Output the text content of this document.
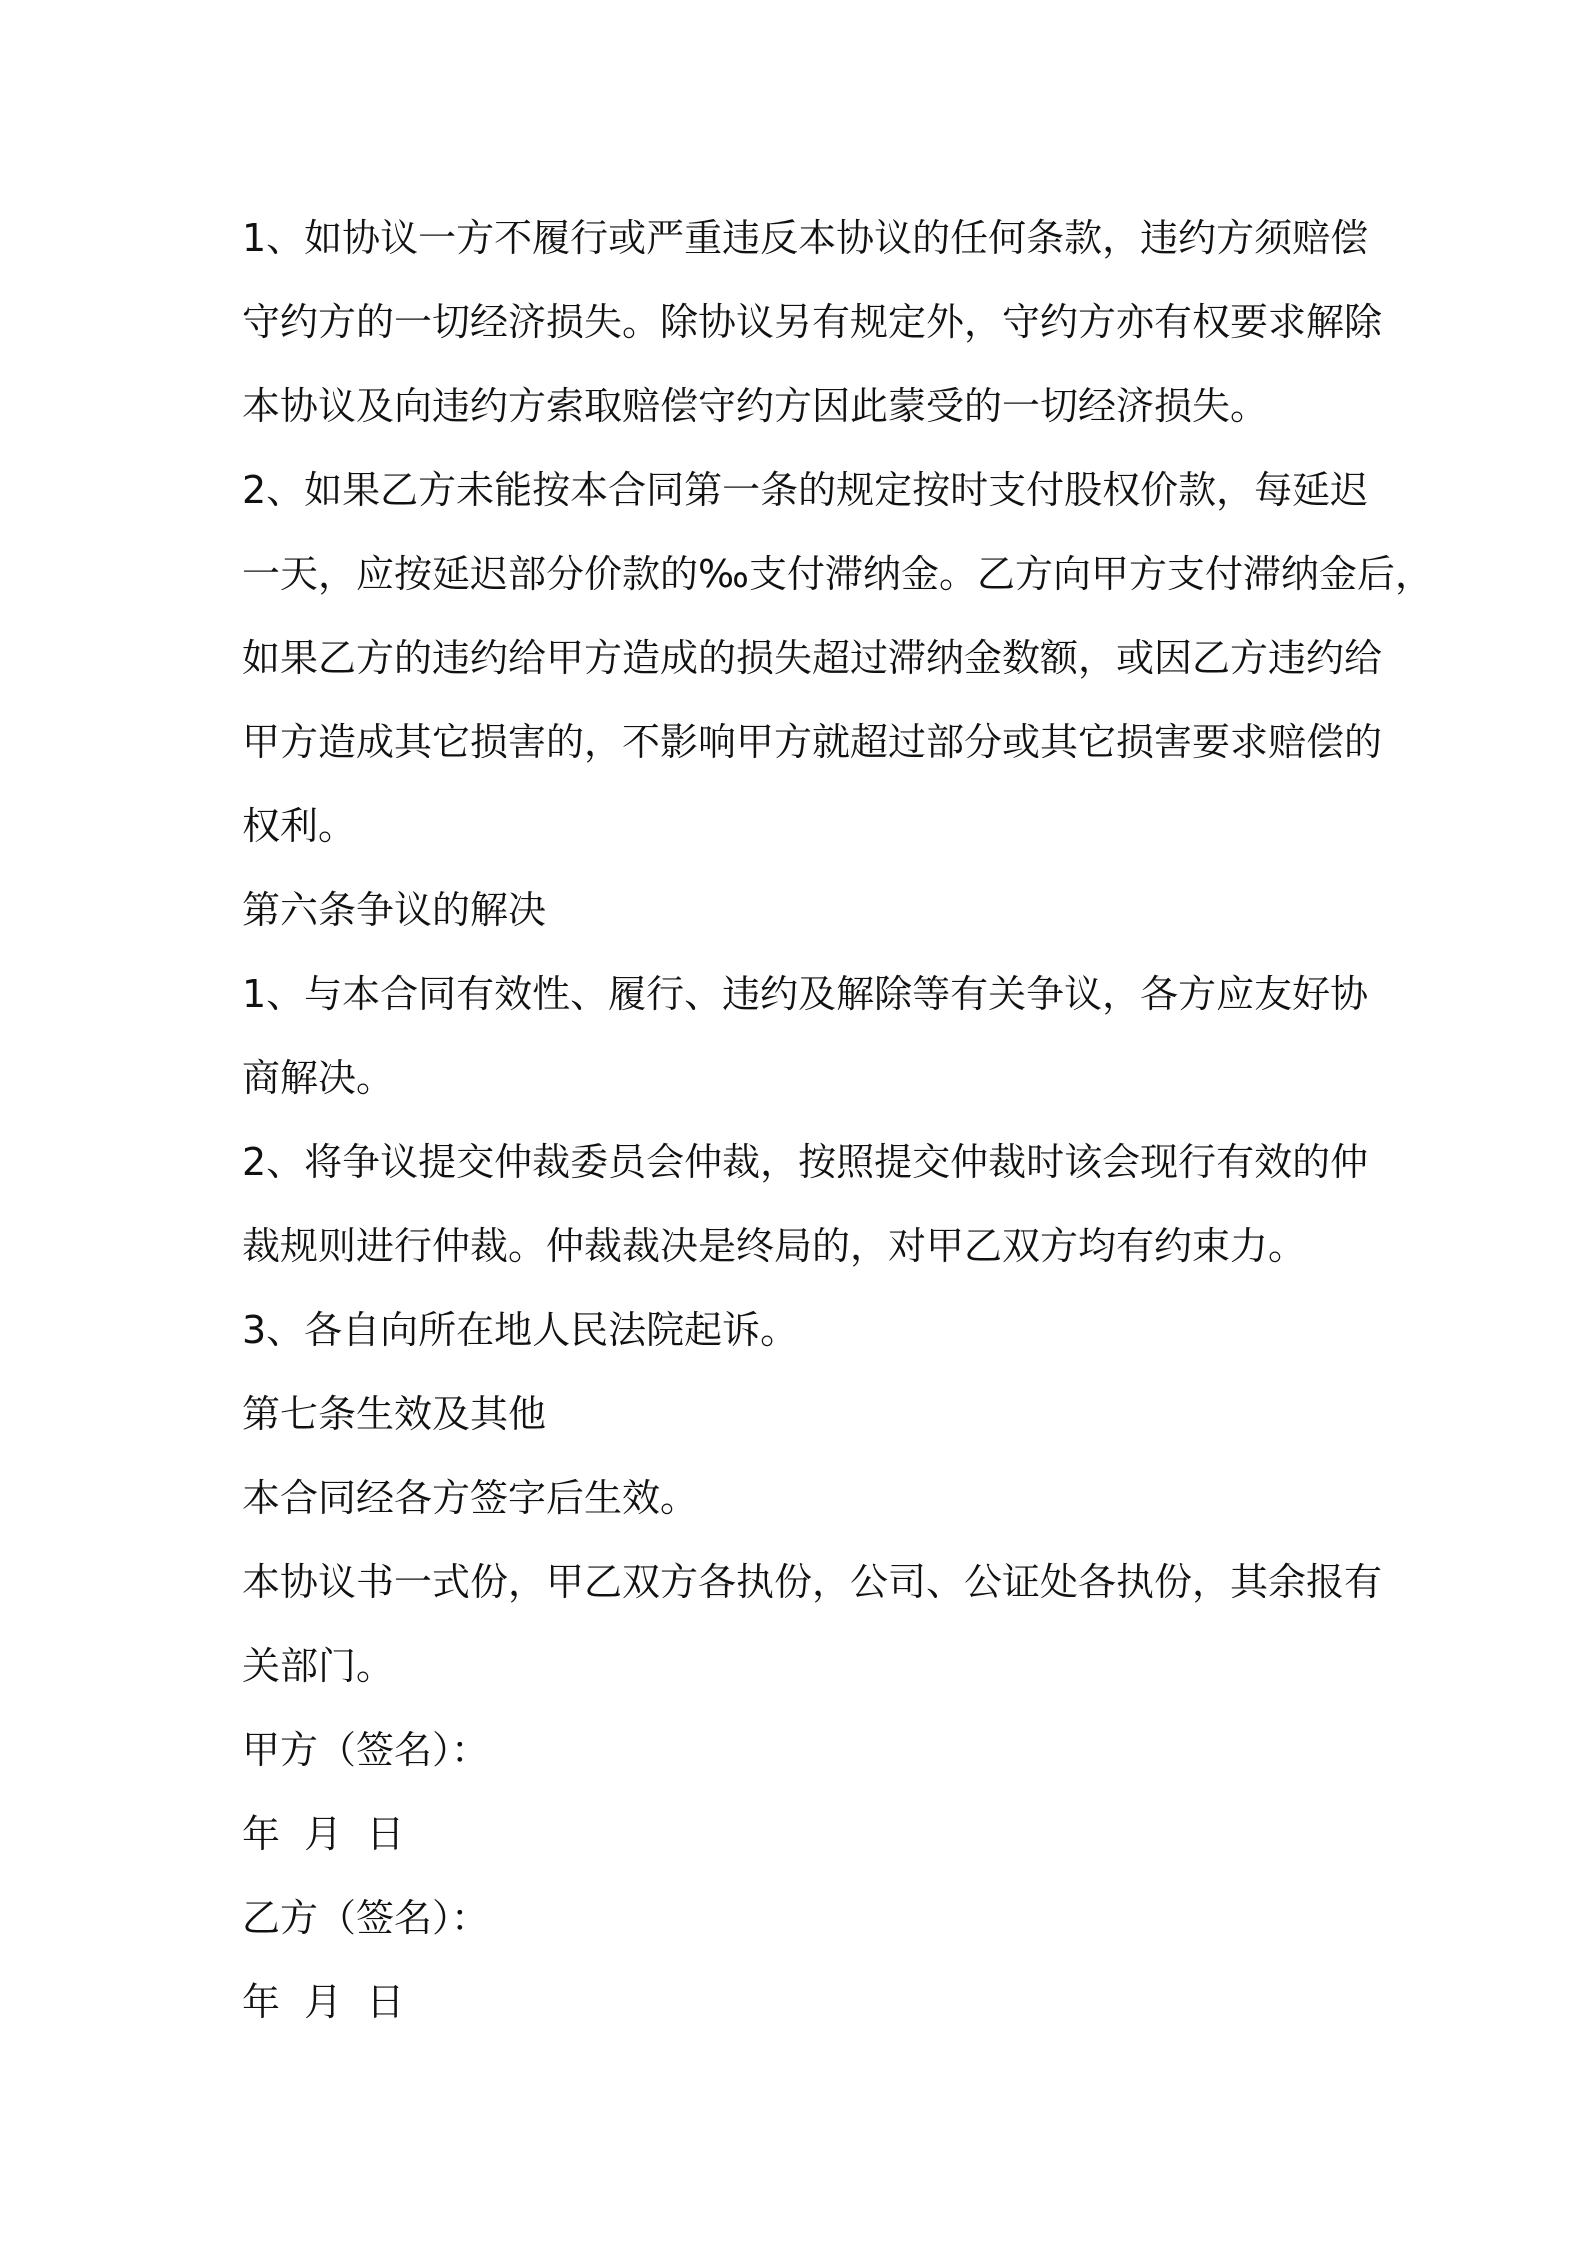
1、如协议一方不履行或严重违反本协议的任何条款，违约方须赔偿
守约方的一切经济损失。除协议另有规定外，守约方亦有权要求解除
本协议及向违约方索取赔偿守约方因此蒙受的一切经济损失。

2、如果乙方未能按本合同第一条的规定按时支付股权价款，每延迟
一天，应按延迟部分价款的‰支付滞纳金。乙方向甲方支付滞纳金后，
如果乙方的违约给甲方造成的损失超过滞纳金数额，或因乙方违约给
甲方造成其它损害的，不影响甲方就超过部分或其它损害要求赔偿的
权利。

第六条争议的解决

1、与本合同有效性、履行、违约及解除等有关争议，各方应友好协
商解决。

2、将争议提交仲裁委员会仲裁，按照提交仲裁时该会现行有效的仲
裁规则进行仲裁。仲裁裁决是终局的，对甲乙双方均有约束力。

3、各自向所在地人民法院起诉。

第七条生效及其他

本合同经各方签字后生效。

本协议书一式份，甲乙双方各执份，公司、公证处各执份，其余报有
关部门。

甲方（签名）：

年  月  日

乙方（签名）：

年  月  日
